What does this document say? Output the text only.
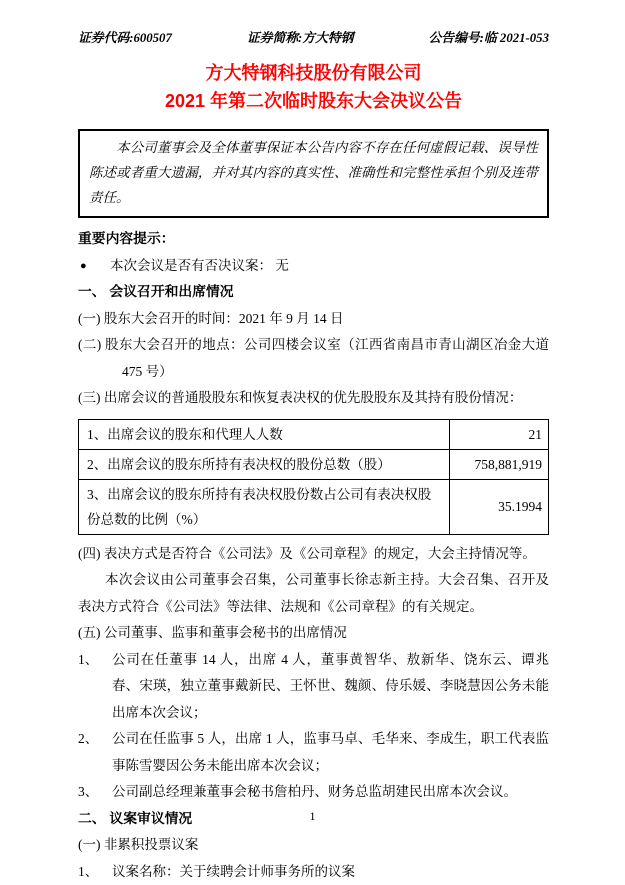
证券代码:600507	证券简称:方大特钢	公告编号:临 2021-053
方大特钢科技股份有限公司
2021 年第二次临时股东大会决议公告
本公司董事会及全体董事保证本公告内容不存在任何虚假记载、误导性陈述或者重大遗漏，并对其内容的真实性、准确性和完整性承担个别及连带责任。
重要内容提示：
●	本次会议是否有否决议案： 无
一、 会议召开和出席情况
(一) 股东大会召开的时间：2021 年 9 月 14 日
(二) 股东大会召开的地点：公司四楼会议室（江西省南昌市青山湖区冶金大道 475 号）
(三) 出席会议的普通股股东和恢复表决权的优先股股东及其持有股份情况：
1、出席会议的股东和代理人人数	21
2、出席会议的股东所持有表决权的股份总数（股）	758,881,919
3、出席会议的股东所持有表决权股份数占公司有表决权股份总数的比例（%）	35.1994
(四) 表决方式是否符合《公司法》及《公司章程》的规定，大会主持情况等。
本次会议由公司董事会召集，公司董事长徐志新主持。大会召集、召开及表决方式符合《公司法》等法律、法规和《公司章程》的有关规定。
(五) 公司董事、监事和董事会秘书的出席情况
1、	公司在任董事 14 人，出席 4 人，董事黄智华、敖新华、饶东云、谭兆春、宋瑛，独立董事戴新民、王怀世、魏颜、侍乐媛、李晓慧因公务未能出席本次会议；
2、	公司在任监事 5 人，出席 1 人，监事马卓、毛华来、李成生，职工代表监事陈雪婴因公务未能出席本次会议；
3、	公司副总经理兼董事会秘书詹柏丹、财务总监胡建民出席本次会议。
二、 议案审议情况
(一) 非累积投票议案
1、	议案名称：关于续聘会计师事务所的议案
1
